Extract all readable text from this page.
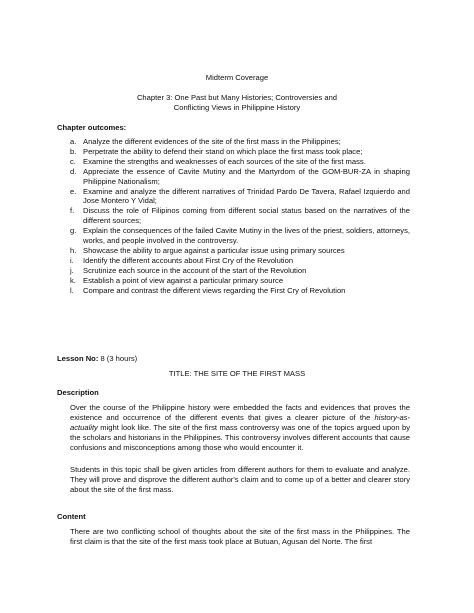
Midterm Coverage
Chapter 3: One Past but Many Histories; Controversies and Conflicting Views in Philippine History
Chapter outcomes:
a. Analyze the different evidences of the site of the first mass in the Philippines;
b. Perpetrate the ability to defend their stand on which place the first mass took place;
c. Examine the strengths and weaknesses of each sources of the site of the first mass.
d. Appreciate the essence of Cavite Mutiny and the Martyrdom of the GOM-BUR-ZA in shaping Philippine Nationalism;
e. Examine and analyze the different narratives of Trinidad Pardo De Tavera, Rafael Izquierdo and Jose Montero Y Vidal;
f. Discuss the role of Filipinos coming from different social status based on the narratives of the different sources;
g. Explain the consequences of the failed Cavite Mutiny in the lives of the priest, soldiers, attorneys, works, and people involved in the controversy.
h. Showcase the ability to argue against a particular issue using primary sources
i. Identify the different accounts about First Cry of the Revolution
j. Scrutinize each source in the account of the start of the Revolution
k. Establish a point of view against a particular primary source
l. Compare and contrast the different views regarding the First Cry of Revolution
Lesson No: 8 (3 hours)
TITLE: THE SITE OF THE FIRST MASS
Description

Over the course of the Philippine history were embedded the facts and evidences that proves the existence and occurrence of the different events that gives a clearer picture of the history-as- actuality might look like. The site of the first mass controversy was one of the topics argued upon by the scholars and historians in the Philippines. This controversy involves different accounts that cause confusions and misconceptions among those who would encounter it.

Students in this topic shall be given articles from different authors for them to evaluate and analyze. They will prove and disprove the different author's claim and to come up of a better and clearer story about the site of the first mass.

Content

There are two conflicting school of thoughts about the site of the first mass in the Philippines. The first claim is that the site of the first mass took place at Butuan, Agusan del Norte. The first
